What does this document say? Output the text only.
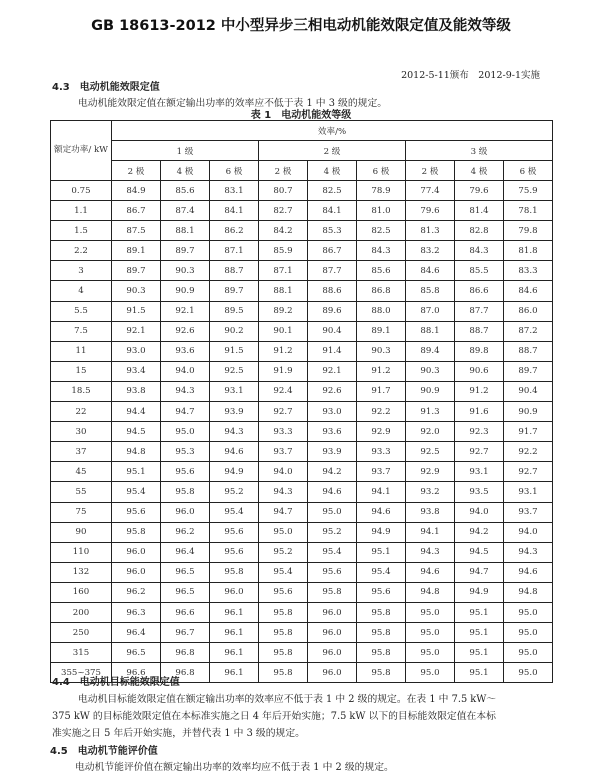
GB 18613-2012 中小型异步三相电动机能效限定值及能效等级
2012-5-11颁布　2012-9-1实施
4.3　电动机能效限定值
电动机能效限定值在额定输出功率的效率应不低于表 1 中 3 级的规定。
表 1　电动机能效等级
额定功率/ kW	效率/%								
	1 级			2 级			3 级		
	2 极	4 极	6 极	2 极	4 极	6 极	2 极	4 极	6 极
0.75	84.9	85.6	83.1	80.7	82.5	78.9	77.4	79.6	75.9
1.1	86.7	87.4	84.1	82.7	84.1	81.0	79.6	81.4	78.1
1.5	87.5	88.1	86.2	84.2	85.3	82.5	81.3	82.8	79.8
2.2	89.1	89.7	87.1	85.9	86.7	84.3	83.2	84.3	81.8
3	89.7	90.3	88.7	87.1	87.7	85.6	84.6	85.5	83.3
4	90.3	90.9	89.7	88.1	88.6	86.8	85.8	86.6	84.6
5.5	91.5	92.1	89.5	89.2	89.6	88.0	87.0	87.7	86.0
7.5	92.1	92.6	90.2	90.1	90.4	89.1	88.1	88.7	87.2
11	93.0	93.6	91.5	91.2	91.4	90.3	89.4	89.8	88.7
15	93.4	94.0	92.5	91.9	92.1	91.2	90.3	90.6	89.7
18.5	93.8	94.3	93.1	92.4	92.6	91.7	90.9	91.2	90.4
22	94.4	94.7	93.9	92.7	93.0	92.2	91.3	91.6	90.9
30	94.5	95.0	94.3	93.3	93.6	92.9	92.0	92.3	91.7
37	94.8	95.3	94.6	93.7	93.9	93.3	92.5	92.7	92.2
45	95.1	95.6	94.9	94.0	94.2	93.7	92.9	93.1	92.7
55	95.4	95.8	95.2	94.3	94.6	94.1	93.2	93.5	93.1
75	95.6	96.0	95.4	94.7	95.0	94.6	93.8	94.0	93.7
90	95.8	96.2	95.6	95.0	95.2	94.9	94.1	94.2	94.0
110	96.0	96.4	95.6	95.2	95.4	95.1	94.3	94.5	94.3
132	96.0	96.5	95.8	95.4	95.6	95.4	94.6	94.7	94.6
160	96.2	96.5	96.0	95.6	95.8	95.6	94.8	94.9	94.8
200	96.3	96.6	96.1	95.8	96.0	95.8	95.0	95.1	95.0
250	96.4	96.7	96.1	95.8	96.0	95.8	95.0	95.1	95.0
315	96.5	96.8	96.1	95.8	96.0	95.8	95.0	95.1	95.0
355~375	96.6	96.8	96.1	95.8	96.0	95.8	95.0	95.1	95.0
4.4　电动机目标能效限定值
电动机目标能效限定值在额定输出功率的效率应不低于表 1 中 2 级的规定。在表 1 中 7.5 kW～
375 kW 的目标能效限定值在本标准实施之日 4 年后开始实施；7.5 kW 以下的目标能效限定值在本标
准实施之日 5 年后开始实施，并替代表 1 中 3 级的规定。
4.5　电动机节能评价值
电动机节能评价值在额定输出功率的效率均应不低于表 1 中 2 级的规定。
